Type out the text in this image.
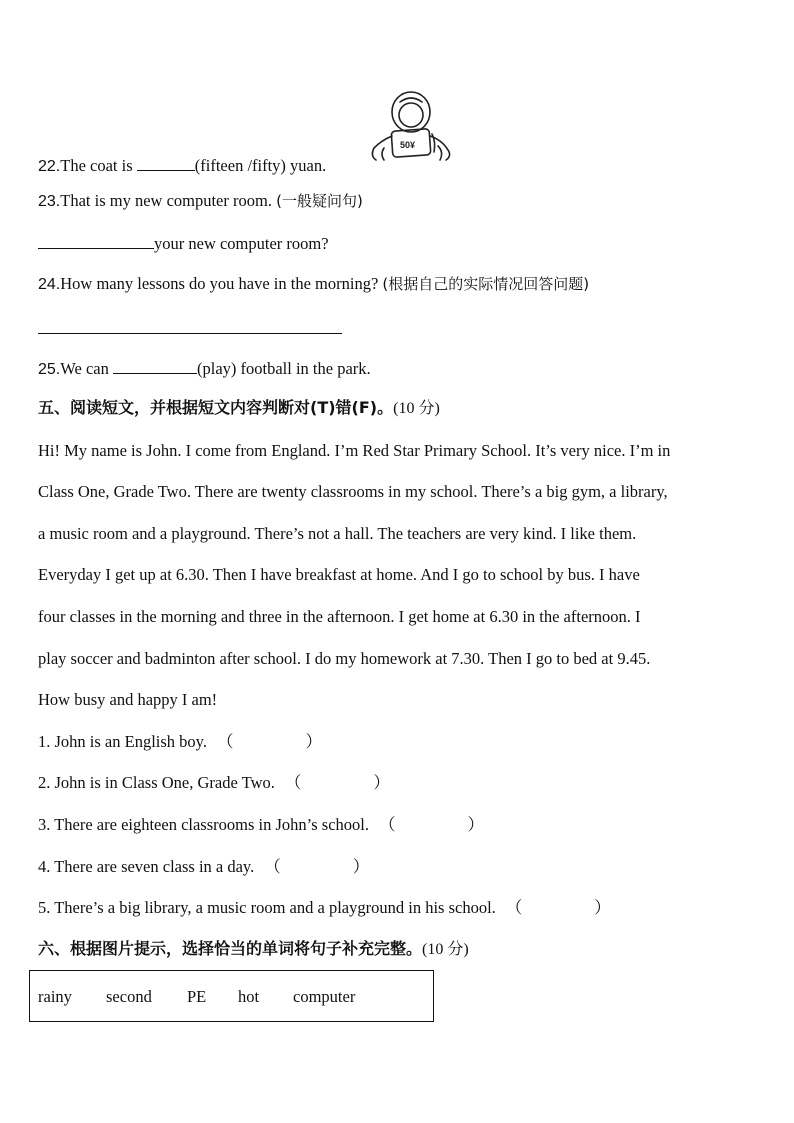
50¥
22.The coat is	(fifteen /fifty) yuan.
23.That is my new computer room. (一般疑问句)
your new computer room?
24.How many lessons do you have in the morning? (根据自己的实际情况回答问题)
25.We can	(play) football in the park.
五、阅读短文，并根据短文内容判断对(T)错(F)。(10 分)
Hi! My name is John. I come from England. I’m Red Star Primary School. It’s very nice. I’m in
Class One, Grade Two. There are twenty classrooms in my school. There’s a big gym, a library,
a music room and a playground. There’s not a hall. The teachers are very kind. I like them.
Everyday I get up at 6.30. Then I have breakfast at home. And I go to school by bus. I have
four classes in the morning and three in the afternoon. I get home at 6.30 in the afternoon. I
play soccer and badminton after school. I do my homework at 7.30. Then I go to bed at 9.45.
How busy and happy I am!
1. John is an English boy. （	）
2. John is in Class One, Grade Two. （	）
3. There are eighteen classrooms in John’s school. （	）
4. There are seven class in a day. （	）
5. There’s a big library, a music room and a playground in his school. （	）
六、根据图片提示，选择恰当的单词将句子补充完整。(10 分)
rainy second PE hot computer
